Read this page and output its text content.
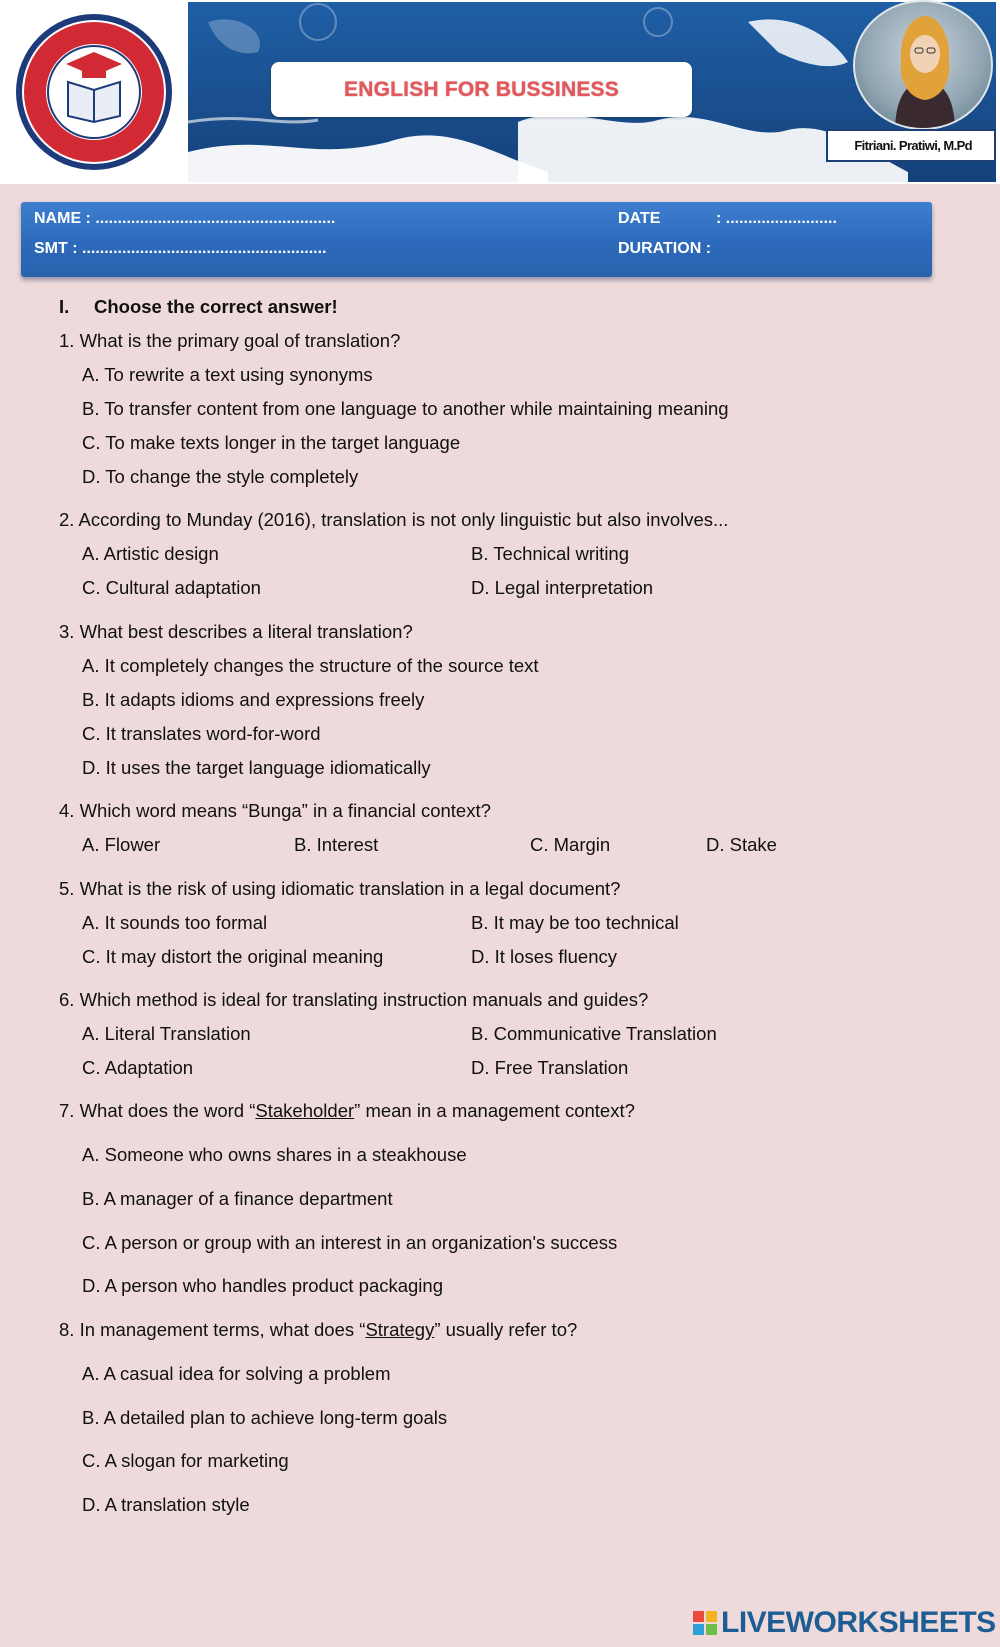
ENGLISH FOR BUSSINESS
Fitriani. Pratiwi, M.Pd
NAME : ......................................................
SMT : .......................................................
DATE	: .........................
DURATION :
I. Choose the correct answer!
1. What is the primary goal of translation?
A. To rewrite a text using synonyms
B. To transfer content from one language to another while maintaining meaning
C. To make texts longer in the target language
D. To change the style completely
2. According to Munday (2016), translation is not only linguistic but also involves...
A. Artistic design	B. Technical writing
C. Cultural adaptation	D. Legal interpretation
3. What best describes a literal translation?
A. It completely changes the structure of the source text
B. It adapts idioms and expressions freely
C. It translates word-for-word
D. It uses the target language idiomatically
4. Which word means “Bunga” in a financial context?
A. Flower	B. Interest	C. Margin	D. Stake
5. What is the risk of using idiomatic translation in a legal document?
A. It sounds too formal	B. It may be too technical
C. It may distort the original meaning	D. It loses fluency
6. Which method is ideal for translating instruction manuals and guides?
A. Literal Translation	B. Communicative Translation
C. Adaptation	D. Free Translation
7. What does the word “Stakeholder” mean in a management context?
A. Someone who owns shares in a steakhouse
B. A manager of a finance department
C. A person or group with an interest in an organization's success
D. A person who handles product packaging
8. In management terms, what does “Strategy” usually refer to?
A. A casual idea for solving a problem
B. A detailed plan to achieve long-term goals
C. A slogan for marketing
D. A translation style
LIVEWORKSHEETS
